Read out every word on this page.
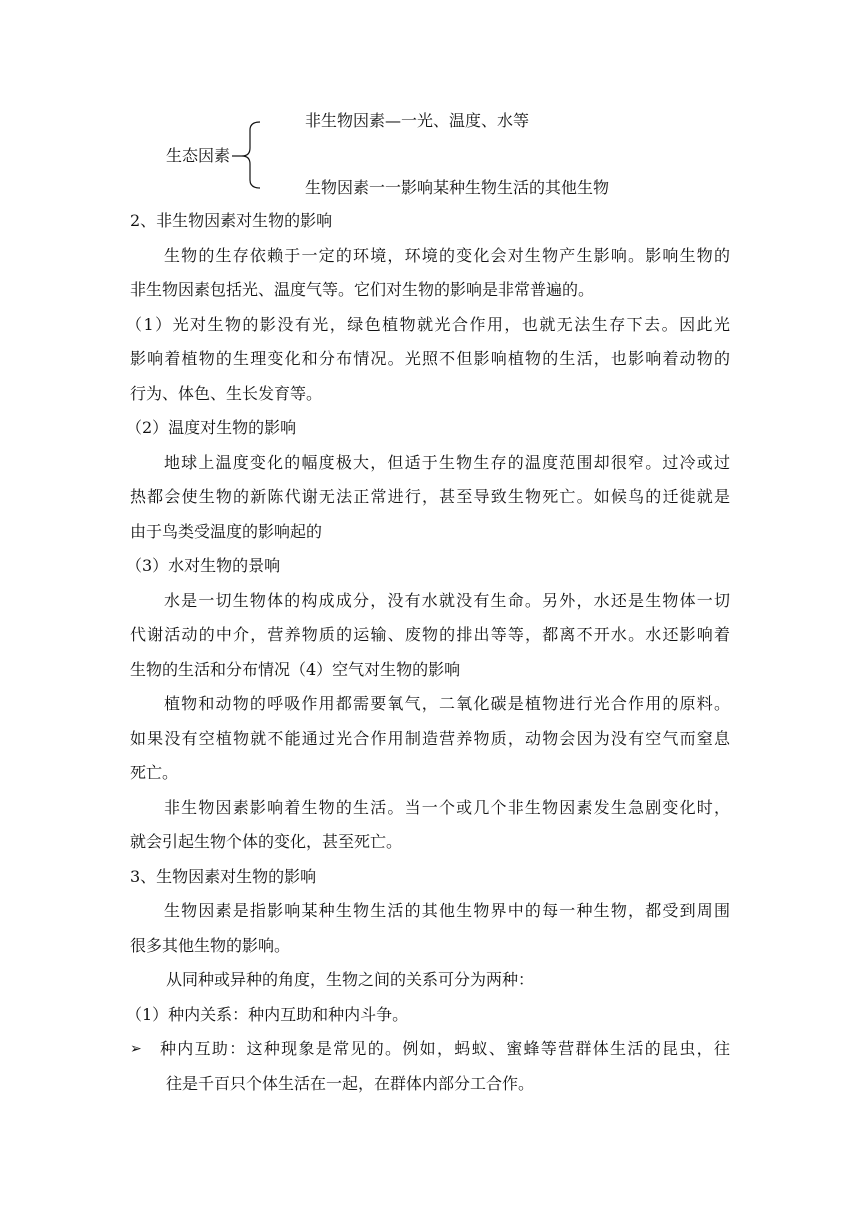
生态因素
非生物因素—一光、温度、水等
生物因素一一影响某种生物生活的其他生物
2、非生物因素对生物的影响
生物的生存依赖于一定的环境，环境的变化会对生物产生影响。影响生物的
非生物因素包括光、温度气等。它们对生物的影响是非常普遍的。
（1）光对生物的影没有光，绿色植物就光合作用，也就无法生存下去。因此光
影响着植物的生理变化和分布情况。光照不但影响植物的生活，也影响着动物的
行为、体色、生长发育等。
（2）温度对生物的影响
地球上温度变化的幅度极大，但适于生物生存的温度范围却很窄。过冷或过
热都会使生物的新陈代谢无法正常进行，甚至导致生物死亡。如候鸟的迁徙就是
由于鸟类受温度的影响起的
（3）水对生物的景响
水是一切生物体的构成成分，没有水就没有生命。另外，水还是生物体一切
代谢活动的中介，营养物质的运输、废物的排出等等，都离不开水。水还影响着
生物的生活和分布情况（4）空气对生物的影响
植物和动物的呼吸作用都需要氧气，二氧化碳是植物进行光合作用的原料。
如果没有空植物就不能通过光合作用制造营养物质，动物会因为没有空气而窒息
死亡。
非生物因素影响着生物的生活。当一个或几个非生物因素发生急剧变化时，
就会引起生物个体的变化，甚至死亡。
3、生物因素对生物的影响
生物因素是指影响某种生物生活的其他生物界中的每一种生物，都受到周围
很多其他生物的影响。
从同种或异种的角度，生物之间的关系可分为两种：
（1）种内关系：种内互助和种内斗争。
➢ 种内互助：这种现象是常见的。例如，蚂蚁、蜜蜂等营群体生活的昆虫，往
往是千百只个体生活在一起，在群体内部分工合作。
